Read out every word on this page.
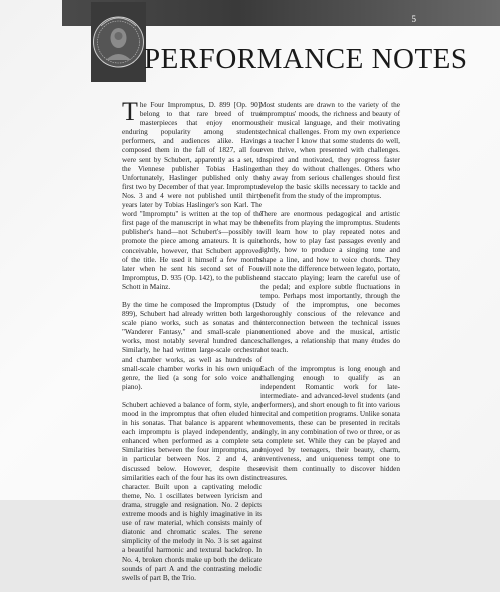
5
PERFORMANCE NOTES

The Four Impromptus, D. 899 [Op. 90], belong to that rare breed of true masterpieces that enjoy enormous, enduring popularity among students, performers, and audiences alike. Having composed them in the fall of 1827, all four were sent by Schubert, apparently as a set, to the Viennese publisher Tobias Haslinger. Unfortunately, Haslinger published only the first two by December of that year. Impromptus Nos. 3 and 4 were not published until thirty years later by Tobias Haslinger's son Karl. The word "Impromptu" is written at the top of the first page of the manuscript in what may be the publisher's hand—not Schubert's—possibly to promote the piece among amateurs. It is quite conceivable, however, that Schubert approved of the title. He used it himself a few months later when he sent his second set of Four Impromptus, D. 935 (Op. 142), to the publisher Schott in Mainz.

By the time he composed the Impromptus (D. 899), Schubert had already written both large-scale piano works, such as sonatas and the "Wanderer Fantasy," and small-scale piano works, most notably several hundred dances. Similarly, he had written large-scale orchestral and chamber works, as well as hundreds of small-scale chamber works in his own unique genre, the lied (a song for solo voice and piano).

Schubert achieved a balance of form, style, and mood in the impromptus that often eluded him in his sonatas. That balance is apparent when each impromptu is played independently, and enhanced when performed as a complete set. Similarities between the four impromptus, and in particular between Nos. 2 and 4, are discussed below. However, despite these similarities each of the four has its own distinct character. Built upon a captivating melodic theme, No. 1 oscillates between lyricism and drama, struggle and resignation. No. 2 depicts extreme moods and is highly imaginative in its use of raw material, which consists mainly of diatonic and chromatic scales. The serene simplicity of the melody in No. 3 is set against a beautiful harmonic and textural backdrop. In No. 4, broken chords make up both the delicate sounds of part A and the contrasting melodic swells of part B, the Trio.

Most students are drawn to the variety of the impromptus' moods, the richness and beauty of their musical language, and their motivating technical challenges. From my own experience as a teacher I know that some students do well, even thrive, when presented with challenges. Inspired and motivated, they progress faster than they do without challenges. Others who shy away from serious challenges should first develop the basic skills necessary to tackle and benefit from the study of the impromptus.

There are enormous pedagogical and artistic benefits from playing the impromptus. Students will learn how to play repeated notes and chords, how to play fast passages evenly and lightly, how to produce a singing tone and shape a line, and how to voice chords. They will note the difference between legato, portato, and staccato playing; learn the careful use of the pedal; and explore subtle fluctuations in tempo. Perhaps most importantly, through the study of the impromptus, one becomes thoroughly conscious of the relevance and interconnection between the technical issues mentioned above and the musical, artistic challenges, a relationship that many études do not teach.

Each of the impromptus is long enough and challenging enough to qualify as an independent Romantic work for late-intermediate- and advanced-level students (and performers), and short enough to fit into various recital and competition programs. Unlike sonata movements, these can be presented in recitals singly, in any combination of two or three, or as a complete set. While they can be played and enjoyed by teenagers, their beauty, charm, inventiveness, and uniqueness tempt one to revisit them continually to discover hidden treasures.
